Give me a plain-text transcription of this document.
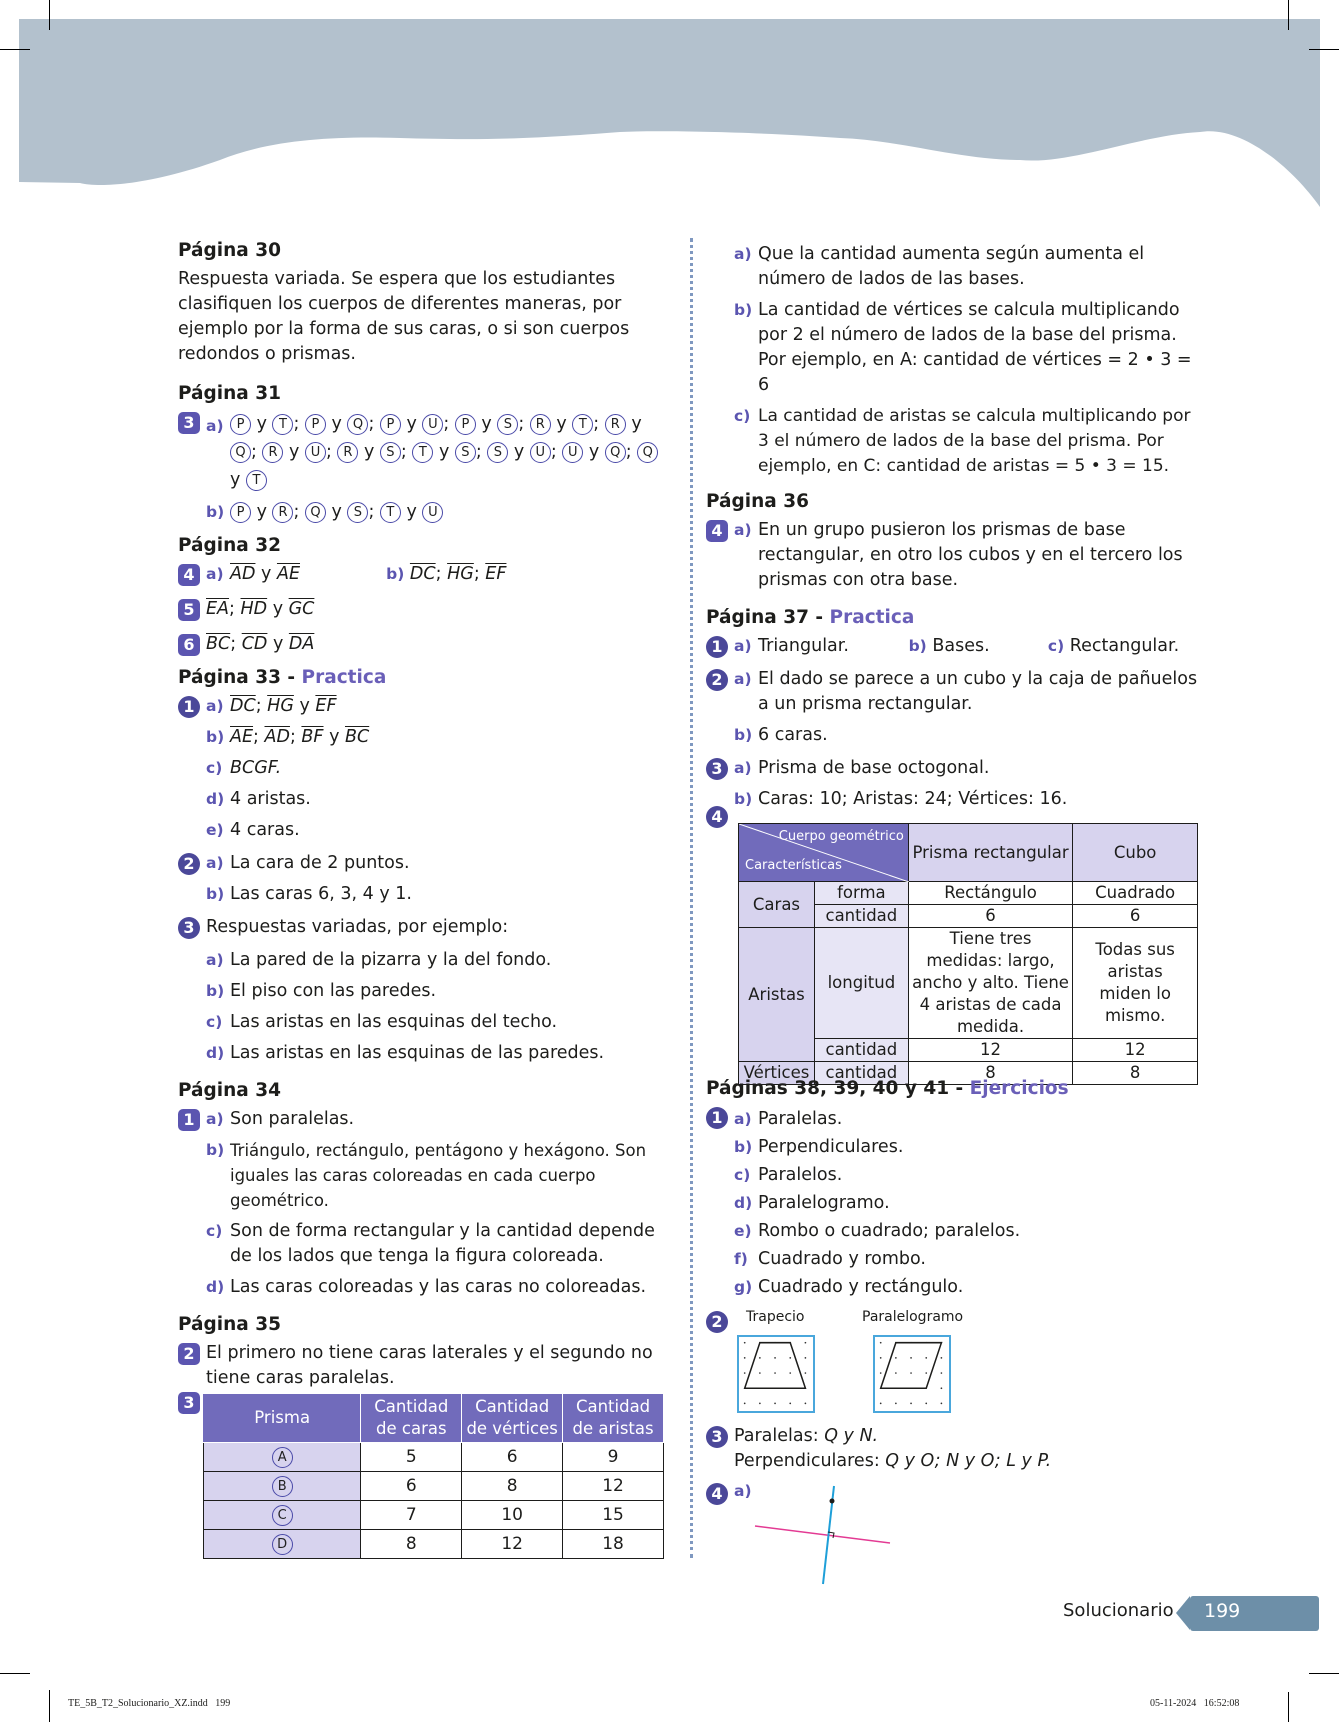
Página 30
Respuesta variada. Se espera que los estudiantes clasifiquen los cuerpos de diferentes maneras, por ejemplo por la forma de sus caras, o si son cuerpos redondos o prismas.
Página 31
3 a) P y T ; P y Q ; P y U ; P y S ; R y T ; R y Q ; R y U ; R y S ; T y S ; S y U ; U y Q ; Q y T
b) P y R ; Q y S ; T y U
Página 32
4 a) $\overline{AD}$ y $\overline{AE}$	b) $\overline{DC}$; $\overline{HG}$; $\overline{EF}$
5 $\overline{EA}$; $\overline{HD}$ y $\overline{GC}$
6 $\overline{BC}$; $\overline{CD}$ y $\overline{DA}$
Página 33 - Practica
1 a) $\overline{DC}$; $\overline{HG}$ y $\overline{EF}$
b) $\overline{AE}$; $\overline{AD}$; $\overline{BF}$ y $\overline{BC}$
c) BCGF.
d) 4 aristas.
e) 4 caras.
2 a) La cara de 2 puntos.
b) Las caras 6, 3, 4 y 1.
3 Respuestas variadas, por ejemplo:
a) La pared de la pizarra y la del fondo.
b) El piso con las paredes.
c) Las aristas en las esquinas del techo.
d) Las aristas en las esquinas de las paredes.
Página 34
1 a) Son paralelas.
b) Triángulo, rectángulo, pentágono y hexágono. Son iguales las caras coloreadas en cada cuerpo geométrico.
c) Son de forma rectangular y la cantidad depende de los lados que tenga la figura coloreada.
d) Las caras coloreadas y las caras no coloreadas.
Página 35
2 El primero no tiene caras laterales y el segundo no tiene caras paralelas.
3
Prisma	Cantidad de caras	Cantidad de vértices	Cantidad de aristas
A	5	6	9
B	6	8	12
C	7	10	15
D	8	12	18
a) Que la cantidad aumenta según aumenta el número de lados de las bases.
b) La cantidad de vértices se calcula multiplicando por 2 el número de lados de la base del prisma. Por ejemplo, en A: cantidad de vértices = 2 • 3 = 6
c) La cantidad de aristas se calcula multiplicando por 3 el número de lados de la base del prisma. Por ejemplo, en C: cantidad de aristas = 5 • 3 = 15.
Página 36
4 a) En un grupo pusieron los prismas de base rectangular, en otro los cubos y en el tercero los prismas con otra base.
Página 37 - Practica
1 a) Triangular.	b) Bases.	c) Rectangular.
2 a) El dado se parece a un cubo y la caja de pañuelos a un prisma rectangular.
b) 6 caras.
3 a) Prisma de base octogonal.
b) Caras: 10; Aristas: 24; Vértices: 16.
4
Cuerpo geométrico
Características		Prisma rectangular	Cubo
Caras	forma	Rectángulo	Cuadrado
	cantidad	6	6
Aristas	longitud	Tiene tres medidas: largo, ancho y alto. Tiene 4 aristas de cada medida.	Todas sus aristas miden lo mismo.
	cantidad	12	12
Vértices	cantidad	8	8
Páginas 38, 39, 40 y 41 - Ejercicios
1 a) Paralelas.
b) Perpendiculares.
c) Paralelos.
d) Paralelogramo.
e) Rombo o cuadrado; paralelos.
f) Cuadrado y rombo.
g) Cuadrado y rectángulo.
2	Trapecio	Paralelogramo
3 Paralelas: Q y N.
Perpendiculares: Q y O; N y O; L y P.
4 a)
Solucionario 199
TE_5B_T2_Solucionario_XZ.indd   199	05-11-2024   16:52:08
